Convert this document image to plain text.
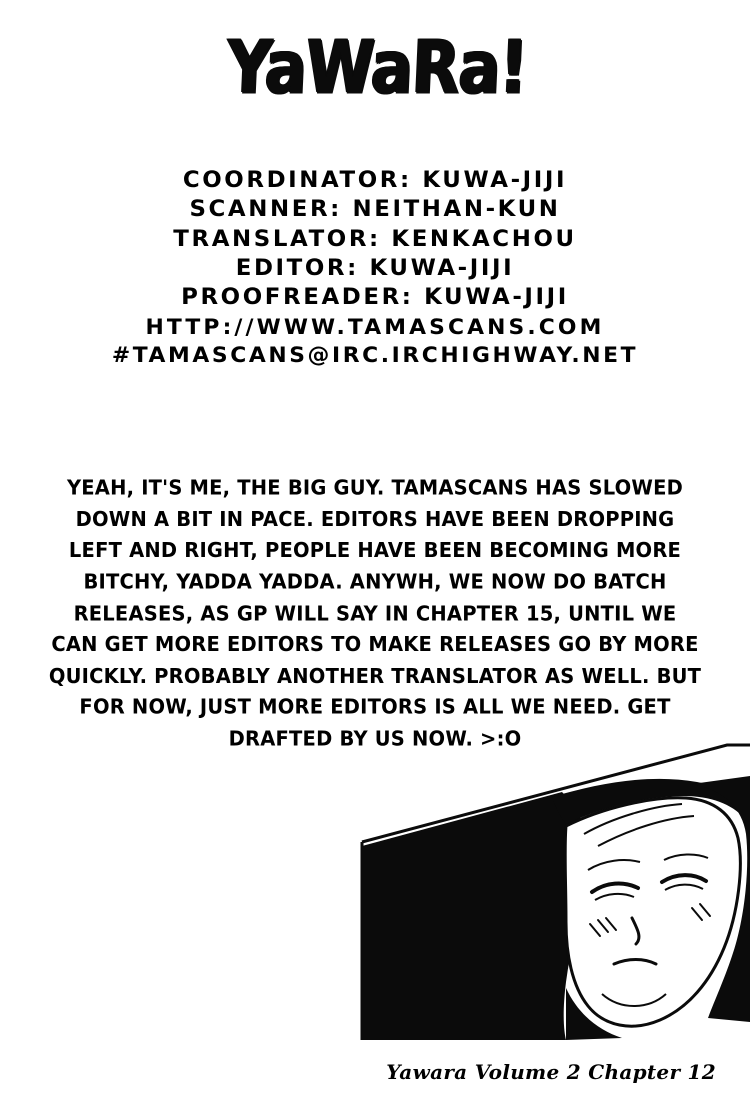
YaWaRa!
COORDINATOR: KUWA-JIJI
SCANNER: NEITHAN-KUN
TRANSLATOR: KENKACHOU
EDITOR: KUWA-JIJI
PROOFREADER: KUWA-JIJI
HTTP://WWW.TAMASCANS.COM
#TAMASCANS@IRC.IRCHIGHWAY.NET
YEAH, IT'S ME, THE BIG GUY. TAMASCANS HAS SLOWED DOWN A BIT IN PACE. EDITORS HAVE BEEN DROPPING LEFT AND RIGHT, PEOPLE HAVE BEEN BECOMING MORE BITCHY, YADDA YADDA. ANYWH, WE NOW DO BATCH RELEASES, AS GP WILL SAY IN CHAPTER 15, UNTIL WE CAN GET MORE EDITORS TO MAKE RELEASES GO BY MORE QUICKLY. PROBABLY ANOTHER TRANSLATOR AS WELL. BUT FOR NOW, JUST MORE EDITORS IS ALL WE NEED. GET DRAFTED BY US NOW. >:O
Yawara Volume 2 Chapter 12
